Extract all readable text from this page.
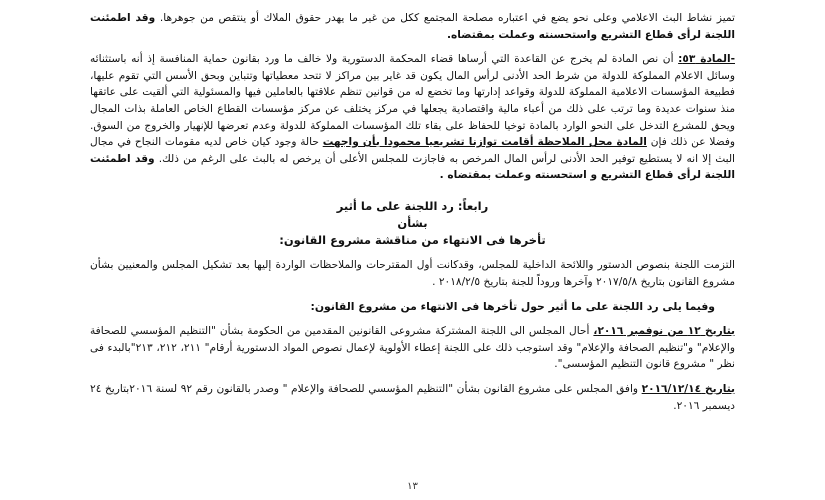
تميز نشاط البث الاعلامي وعلى نحو يضع في اعتباره مصلحة المجتمع ككل من غير ما يهدر حقوق الملاك أو ينتقص من جوهرها. وقد اطمئنت اللجنة لرأى قطاع التشريع واستحسنته وعملت بمقتضاه.

-المادة ٥٣: أن نص المادة لم يخرج عن القاعدة التي أرساها قضاء المحكمة الدستورية ولا خالف ما ورد بقانون حماية المنافسة إذ أنه باستثنائه وسائل الاعلام المملوكة للدولة من شرط الحد الأدنى لرأس المال يكون قد غاير بين مراكز لا تتحد معطياتها وتتباين وبحق الأسس التي تقوم عليها، فطبيعة المؤسسات الاعلامية المملوكة للدولة وقواعد إدارتها وما تخضع له من قوانين تنظم علاقتها بالعاملين فيها والمسئولية التي ألقيت على عاتقها منذ سنوات عديدة وما ترتب على ذلك من أعباء مالية واقتصادية يجعلها في مركز يختلف عن مركز مؤسسات القطاع الخاص العاملة بذات المجال ويحق للمشرع التدخل على النحو الوارد بالمادة توخيا للحفاظ على بقاء تلك المؤسسات المملوكة للدولة وعدم تعرضها للإنهيار والخروج من السوق. وفضلا عن ذلك فإن المادة محل الملاحظة أقامت توازنا تشريعيا محمودا بأن واجهت حالة وجود كيان خاص لديه مقومات النجاح في مجال البث إلا انه لا يستطيع توفير الحد الأدنى لرأس المال المرخص به فاجازت للمجلس الأعلى أن يرخص له بالبث على الرغم من ذلك. وقد اطمئنت اللجنة لرأى قطاع التشريع و استحسنته وعملت بمقتضاه .

رابعاً: رد اللجنة على ما أثير
بشأن
تأخرها فى الانتهاء من مناقشة مشروع القانون:

التزمت اللجنة بنصوص الدستور واللائحة الداخلية للمجلس، وقدكانت أول المقترحات والملاحظات الواردة إليها بعد تشكيل المجلس والمعنيين بشأن مشروع القانون بتاريخ ٢٠١٧/٥/٨ وآخرها وروداً للجنة بتاريخ ٢٠١٨/٢/٥ .

وفيما يلى رد اللجنة على ما أثير حول تأخرها فى الانتهاء من مشروع القانون:

بتاريخ ١٢ من نوفمبر ٢٠١٦، أحال المجلس الى اللجنة المشتركة مشروعى القانونين المقدمين من الحكومة بشأن "التنظيم المؤسسي للصحافة والإعلام" و"تنظيم الصحافة والإعلام" وقد استوجب ذلك على اللجنة إعطاء الأولوية لإعمال نصوص المواد الدستورية أرقام" ٢١١، ٢١٢، ٢١٣"بالبدء فى نظر " مشروع قانون التنظيم المؤسسى".

بتاريخ ٢٠١٦/١٢/١٤ وافق المجلس على مشروع القانون بشأن "التنظيم المؤسسي للصحافة والإعلام " وصدر بالقانون رقم ٩٢ لسنة ٢٠١٦بتاريخ ٢٤ ديسمبر ٢٠١٦.

١٣
